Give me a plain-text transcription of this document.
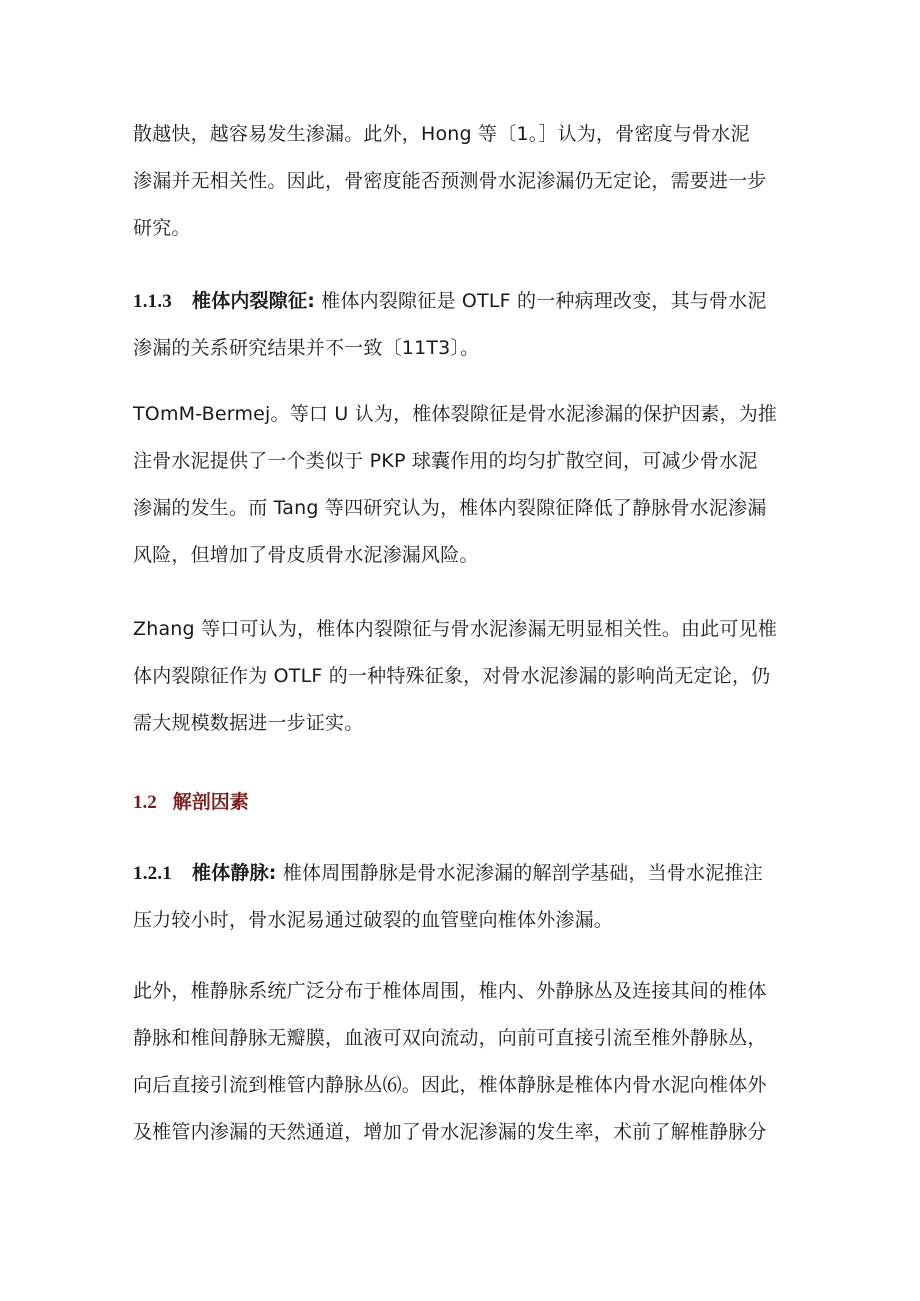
散越快，越容易发生渗漏。此外，Hong 等〔1。］认为，骨密度与骨水泥
渗漏并无相关性。因此，骨密度能否预测骨水泥渗漏仍无定论，需要进一步
研究。
1.1.3 椎体内裂隙征: 椎体内裂隙征是 OTLF 的一种病理改变，其与骨水泥
渗漏的关系研究结果并不一致〔11T3〕。
TOmM-Bermej。等口 U 认为，椎体裂隙征是骨水泥渗漏的保护因素，为推
注骨水泥提供了一个类似于 PKP 球囊作用的均匀扩散空间，可减少骨水泥
渗漏的发生。而 Tang 等四研究认为，椎体内裂隙征降低了静脉骨水泥渗漏
风险，但增加了骨皮质骨水泥渗漏风险。
Zhang 等口可认为，椎体内裂隙征与骨水泥渗漏无明显相关性。由此可见椎
体内裂隙征作为 OTLF 的一种特殊征象，对骨水泥渗漏的影响尚无定论，仍
需大规模数据进一步证实。
1.2 解剖因素
1.2.1 椎体静脉: 椎体周围静脉是骨水泥渗漏的解剖学基础，当骨水泥推注
压力较小时，骨水泥易通过破裂的血管壁向椎体外渗漏。
此外，椎静脉系统广泛分布于椎体周围，椎内、外静脉丛及连接其间的椎体
静脉和椎间静脉无瓣膜，血液可双向流动，向前可直接引流至椎外静脉丛，
向后直接引流到椎管内静脉丛⑹。因此，椎体静脉是椎体内骨水泥向椎体外
及椎管内渗漏的天然通道，增加了骨水泥渗漏的发生率，术前了解椎静脉分
